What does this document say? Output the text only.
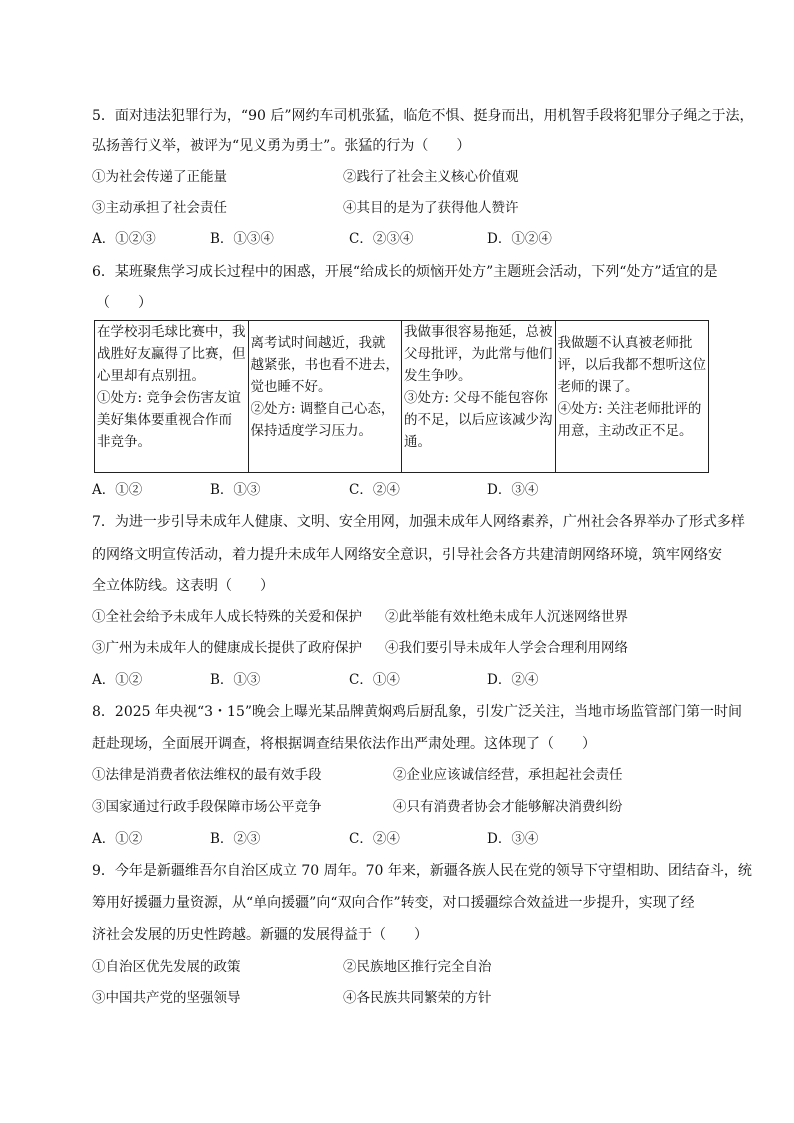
5．面对违法犯罪行为，“90 后”网约车司机张猛，临危不惧、挺身而出，用机智手段将犯罪分子绳之于法，
弘扬善行义举，被评为“见义勇为勇士”。张猛的行为（　　）
①为社会传递了正能量	②践行了社会主义核心价值观
③主动承担了社会责任	④其目的是为了获得他人赞许
A．①②③	B．①③④	C．②③④	D．①②④
6．某班聚焦学习成长过程中的困惑，开展“给成长的烦恼开处方”主题班会活动，下列“处方”适宜的是
（　　）
在学校羽毛球比赛中，我
战胜好友赢得了比赛，但
心里却有点别扭。
①处方: 竞争会伤害友谊
美好集体要重视合作而
非竞争。

离考试时间越近，我就
越紧张，书也看不进去，
觉也睡不好。
②处方: 调整自己心态，
保持适度学习压力。

我做事很容易拖延，总被
父母批评，为此常与他们
发生争吵。
③处方: 父母不能包容你
的不足，以后应该减少沟
通。

我做题不认真被老师批
评，以后我都不想听这位
老师的课了。
④处方: 关注老师批评的
用意，主动改正不足。
A．①②	B．①③	C．②④	D．③④
7．为进一步引导未成年人健康、文明、安全用网，加强未成年人网络素养，广州社会各界举办了形式多样
的网络文明宣传活动，着力提升未成年人网络安全意识，引导社会各方共建清朗网络环境，筑牢网络安
全立体防线。这表明（　　）
①全社会给予未成年人成长特殊的关爱和保护 ②此举能有效杜绝未成年人沉迷网络世界
③广州为未成年人的健康成长提供了政府保护 ④我们要引导未成年人学会合理利用网络
A．①②	B．①③	C．①④	D．②④
8．2025 年央视“3・15”晚会上曝光某品牌黄焖鸡后厨乱象，引发广泛关注，当地市场监管部门第一时间
赶赴现场，全面展开调查，将根据调查结果依法作出严肃处理。这体现了（　　）
①法律是消费者依法维权的最有效手段	②企业应该诚信经营，承担起社会责任
③国家通过行政手段保障市场公平竞争	④只有消费者协会才能够解决消费纠纷
A．①②	B．②③	C．②④	D．③④
9．今年是新疆维吾尔自治区成立 70 周年。70 年来，新疆各族人民在党的领导下守望相助、团结奋斗，统
筹用好援疆力量资源，从“单向援疆”向“双向合作”转变，对口援疆综合效益进一步提升，实现了经
济社会发展的历史性跨越。新疆的发展得益于（　　）
①自治区优先发展的政策	②民族地区推行完全自治
③中国共产党的坚强领导	④各民族共同繁荣的方针
